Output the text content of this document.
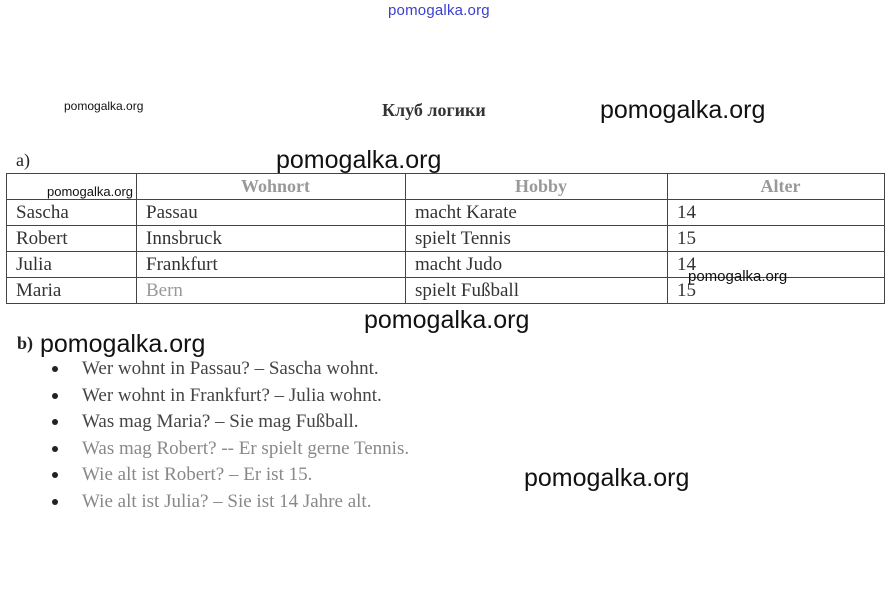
pomogalka.org
pomogalka.org	Клуб логики	pomogalka.org
a)	pomogalka.org
	Wohnort	Hobby	Alter
Sascha	Passau	macht Karate	14
Robert	Innsbruck	spielt Tennis	15
Julia	Frankfurt	macht Judo	14
Maria	Bern	spielt Fußball	15
pomogalka.org
pomogalka.org
pomogalka.org
b) pomogalka.org
Wer wohnt in Passau? – Sascha wohnt.
Wer wohnt in Frankfurt? – Julia wohnt.
Was mag Maria? – Sie mag Fußball.
Was mag Robert? -- Er spielt gerne Tennis.
Wie alt ist Robert? – Er ist 15.
Wie alt ist Julia? – Sie ist 14 Jahre alt.
pomogalka.org
